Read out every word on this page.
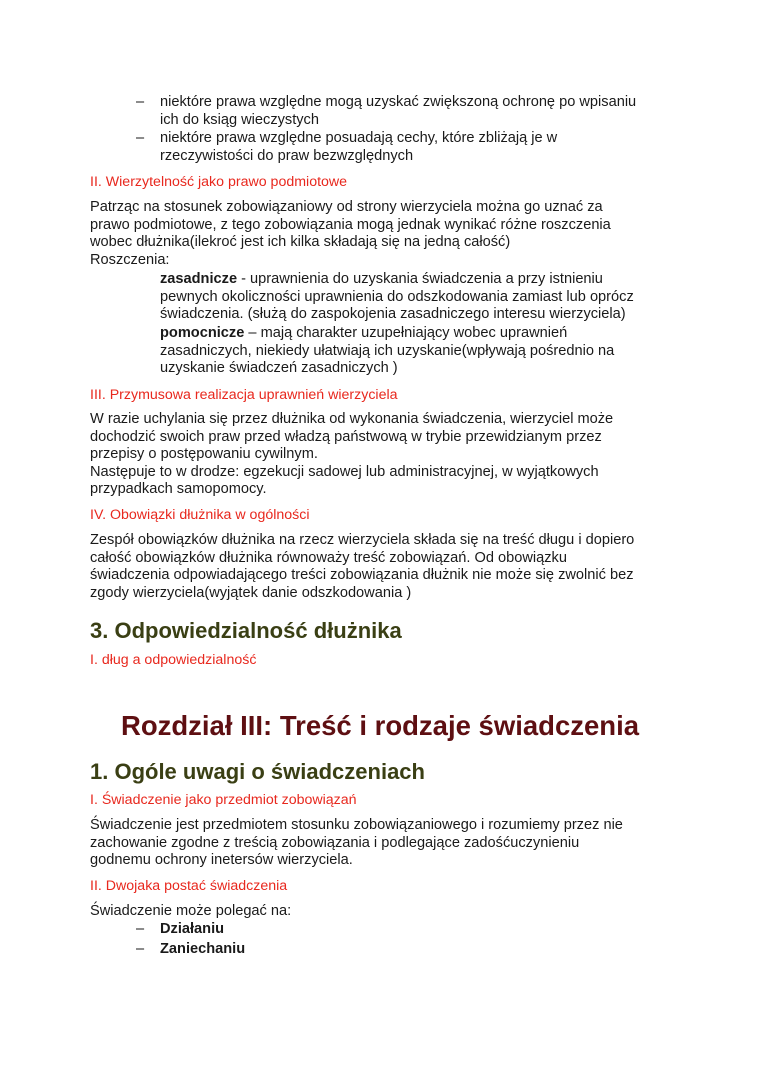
– niektóre prawa względne mogą uzyskać zwiększoną ochronę po wpisaniu
ich do ksiąg wieczystych
– niektóre prawa względne posuadają cechy, które zbliżają je w
rzeczywistości do praw bezwzględnych
II. Wierzytelność jako prawo podmiotowe
Patrząc na stosunek zobowiązaniowy od strony wierzyciela można go uznać za
prawo podmiotowe, z tego zobowiązania mogą jednak wynikać różne roszczenia
wobec dłużnika(ilekroć jest ich kilka składają się na jedną całość)
Roszczenia:
zasadnicze - uprawnienia do uzyskania świadczenia a przy istnieniu
pewnych okoliczności uprawnienia do odszkodowania zamiast lub oprócz
świadczenia. (służą do zaspokojenia zasadniczego interesu wierzyciela)
pomocnicze – mają charakter uzupełniający wobec uprawnień
zasadniczych, niekiedy ułatwiają ich uzyskanie(wpływają pośrednio na
uzyskanie świadczeń zasadniczych )
III. Przymusowa realizacja uprawnień wierzyciela
W razie uchylania się przez dłużnika od wykonania świadczenia, wierzyciel może
dochodzić swoich praw przed władzą państwową w trybie przewidzianym przez
przepisy o postępowaniu cywilnym.
Następuje to w drodze: egzekucji sadowej lub administracyjnej, w wyjątkowych
przypadkach samopomocy.
IV. Obowiązki dłużnika w ogólności
Zespół obowiązków dłużnika na rzecz wierzyciela składa się na treść długu i dopiero
całość obowiązków dłużnika równoważy treść zobowiązań. Od obowiązku
świadczenia odpowiadającego treści zobowiązania dłużnik nie może się zwolnić bez
zgody wierzyciela(wyjątek danie odszkodowania )
3. Odpowiedzialność dłużnika
I. dług a odpowiedzialność
Rozdział III: Treść i rodzaje świadczenia
1. Ogóle uwagi o świadczeniach
I. Świadczenie jako przedmiot zobowiązań
Świadczenie jest przedmiotem stosunku zobowiązaniowego i rozumiemy przez nie
zachowanie zgodne z treścią zobowiązania i podlegające zadośćuczynieniu
godnemu ochrony inetersów wierzyciela.
II. Dwojaka postać świadczenia
Świadczenie może polegać na:
– Działaniu
– Zaniechaniu
